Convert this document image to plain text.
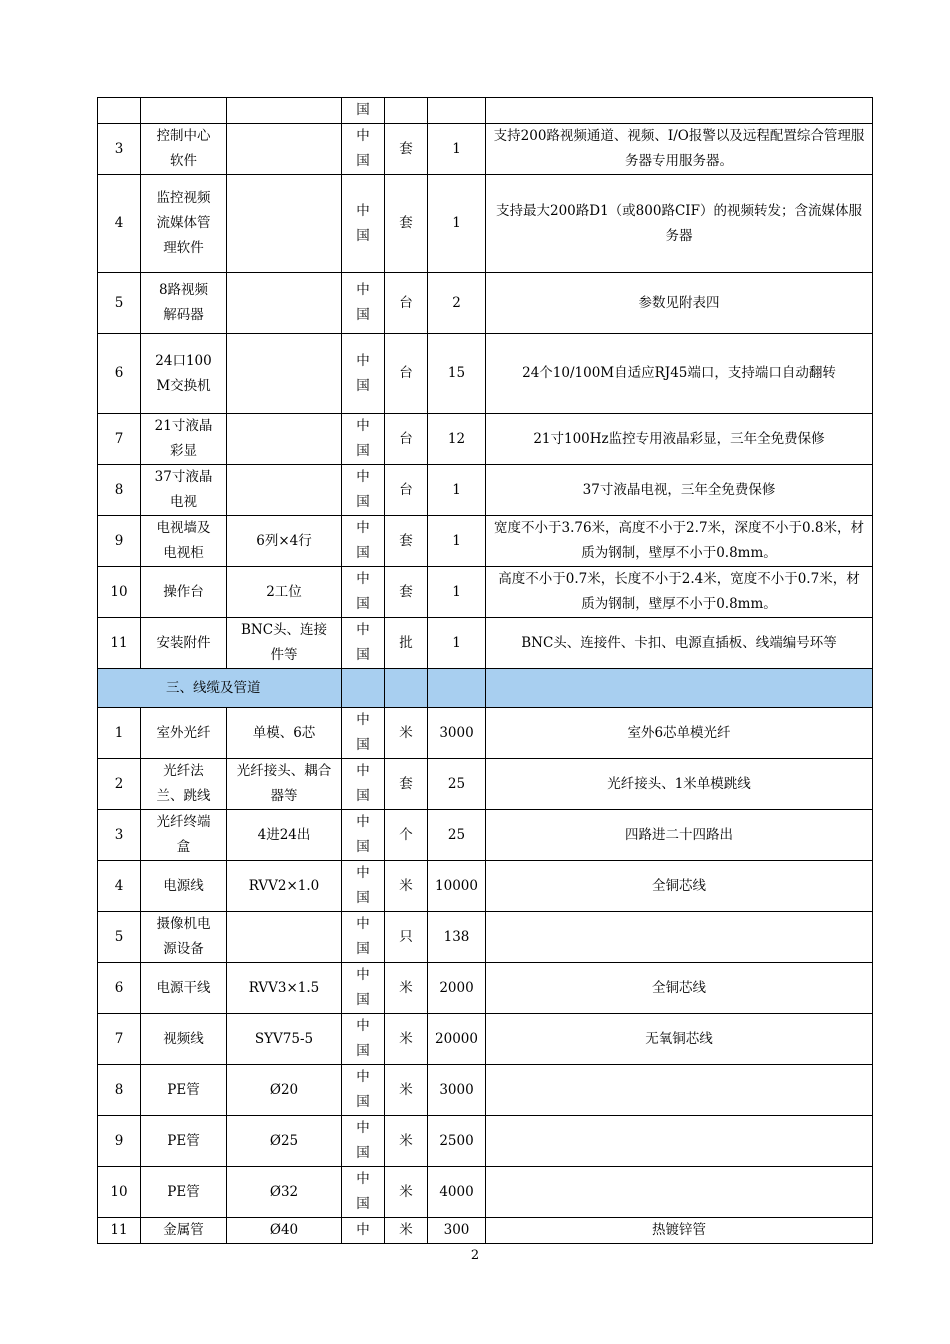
			国			
3	控制中心软件		中国	套	1	支持200路视频通道、视频、I/O报警以及远程配置综合管理服务器专用服务器。
4	监控视频流媒体管理软件		中国	套	1	支持最大200路D1（或800路CIF）的视频转发；含流媒体服务器
5	8路视频解码器		中国	台	2	参数见附表四
6	24口100M交换机		中国	台	15	24个10/100M自适应RJ45端口，支持端口自动翻转
7	21寸液晶彩显		中国	台	12	21寸100Hz监控专用液晶彩显，三年全免费保修
8	37寸液晶电视		中国	台	1	37寸液晶电视，三年全免费保修
9	电视墙及电视柜	6列×4行	中国	套	1	宽度不小于3.76米，高度不小于2.7米，深度不小于0.8米，材质为钢制，壁厚不小于0.8mm。
10	操作台	2工位	中国	套	1	高度不小于0.7米，长度不小于2.4米，宽度不小于0.7米，材质为钢制，壁厚不小于0.8mm。
11	安装附件	BNC头、连接件等	中国	批	1	BNC头、连接件、卡扣、电源直插板、线端编号环等
三、线缆及管道						
1	室外光纤	单模、6芯	中国	米	3000	室外6芯单模光纤
2	光纤法兰、跳线	光纤接头、耦合器等	中国	套	25	光纤接头、1米单模跳线
3	光纤终端盒	4进24出	中国	个	25	四路进二十四路出
4	电源线	RVV2×1.0	中国	米	10000	全铜芯线
5	摄像机电源设备		中国	只	138	
6	电源干线	RVV3×1.5	中国	米	2000	全铜芯线
7	视频线	SYV75-5	中国	米	20000	无氧铜芯线
8	PE管	Ø20	中国	米	3000	
9	PE管	Ø25	中国	米	2500	
10	PE管	Ø32	中国	米	4000	
11	金属管	Ø40	中	米	300	热镀锌管
2
